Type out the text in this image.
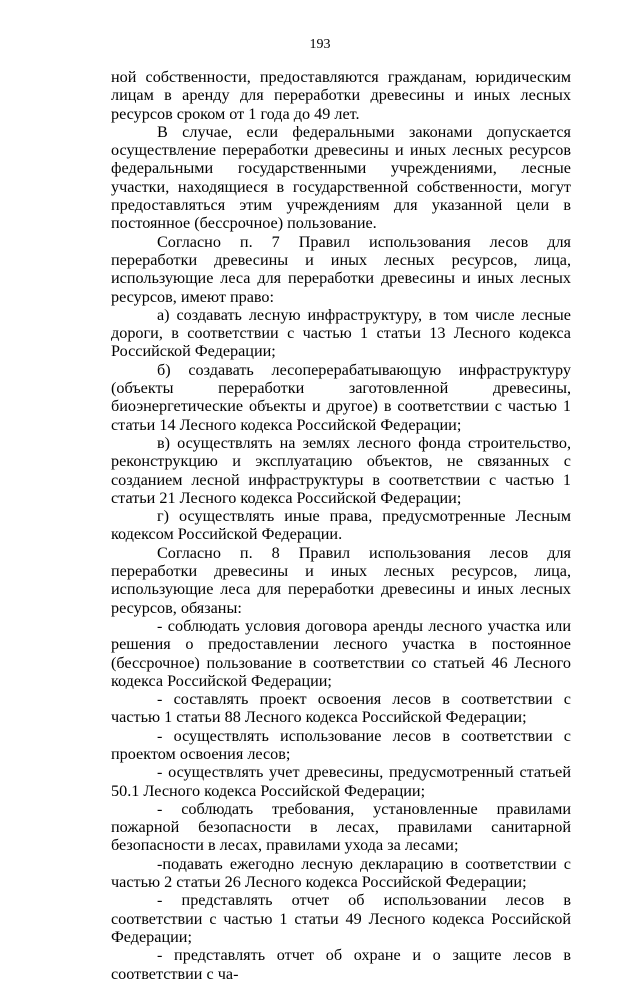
193

ной собственности, предоставляются гражданам, юридическим лицам в аренду для переработки древесины и иных лесных ресурсов сроком от 1 года до 49 лет.

В случае, если федеральными законами допускается осуществление переработки древесины и иных лесных ресурсов федеральными государственными учреждениями, лесные участки, находящиеся в государственной собственности, могут предоставляться этим учреждениям для указанной цели в постоянное (бессрочное) пользование.

Согласно п. 7 Правил использования лесов для переработки древесины и иных лесных ресурсов, лица, использующие леса для переработки древесины и иных лесных ресурсов, имеют право:

а) создавать лесную инфраструктуру, в том числе лесные дороги, в соответствии с частью 1 статьи 13 Лесного кодекса Российской Федерации;

б) создавать лесоперерабатывающую инфраструктуру (объекты переработки заготовленной древесины, биоэнергетические объекты и другое) в соответствии с частью 1 статьи 14 Лесного кодекса Российской Федерации;

в) осуществлять на землях лесного фонда строительство, реконструкцию и эксплуатацию объектов, не связанных с созданием лесной инфраструктуры в соответствии с частью 1 статьи 21 Лесного кодекса Российской Федерации;

г) осуществлять иные права, предусмотренные Лесным кодексом Российской Федерации.

Согласно п. 8 Правил использования лесов для переработки древесины и иных лесных ресурсов, лица, использующие леса для переработки древесины и иных лесных ресурсов, обязаны:

- соблюдать условия договора аренды лесного участка или решения о предоставлении лесного участка в постоянное (бессрочное) пользование в соответствии со статьей 46 Лесного кодекса Российской Федерации;

- составлять проект освоения лесов в соответствии с частью 1 статьи 88 Лесного кодекса Российской Федерации;

- осуществлять использование лесов в соответствии с проектом освоения лесов;

- осуществлять учет древесины, предусмотренный статьей 50.1 Лесного кодекса Российской Федерации;

- соблюдать требования, установленные правилами пожарной безопасности в лесах, правилами санитарной безопасности в лесах, правилами ухода за лесами;

-подавать ежегодно лесную декларацию в соответствии с частью 2 статьи 26 Лесного кодекса Российской Федерации;

- представлять отчет об использовании лесов в соответствии с частью 1 статьи 49 Лесного кодекса Российской Федерации;

- представлять отчет об охране и о защите лесов в соответствии с ча-
